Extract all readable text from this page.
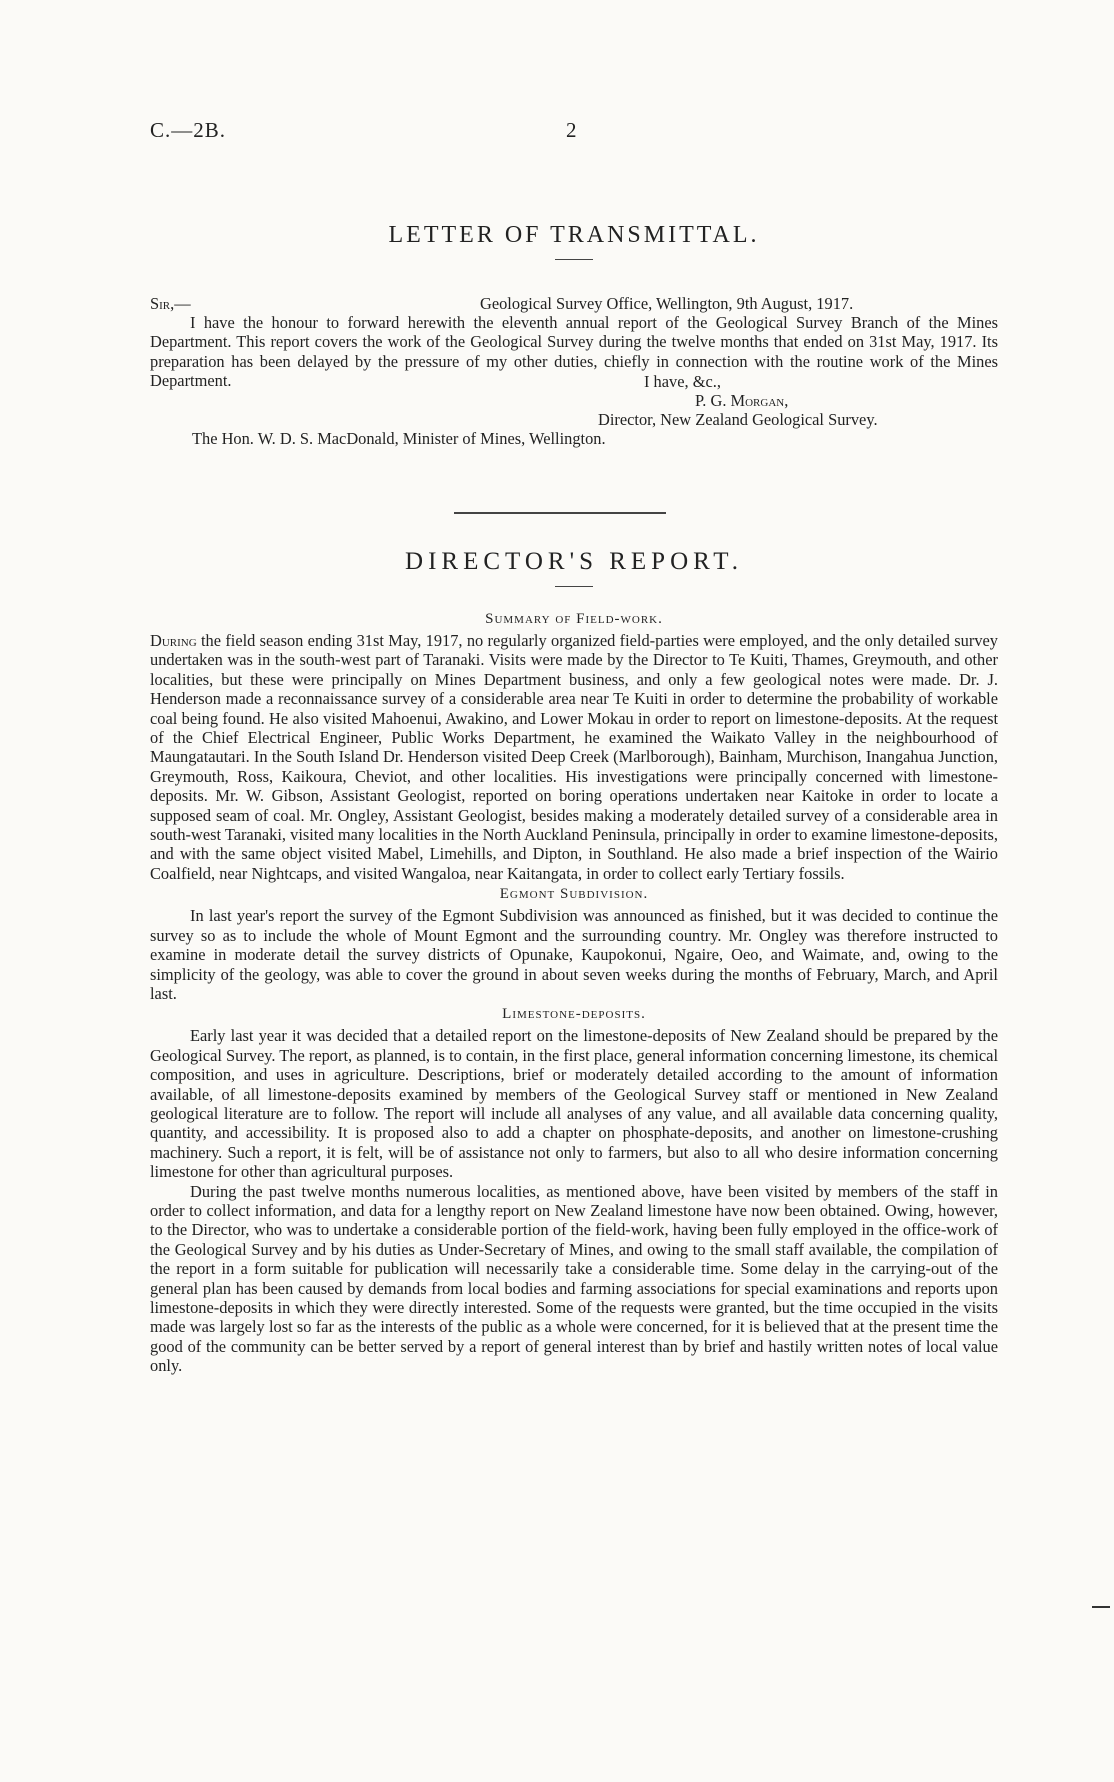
C.—2B.	2
LETTER OF TRANSMITTAL.
Sir,—	Geological Survey Office, Wellington, 9th August, 1917.

I have the honour to forward herewith the eleventh annual report of the Geological Survey Branch of the Mines Department. This report covers the work of the Geological Survey during the twelve months that ended on 31st May, 1917. Its preparation has been delayed by the pressure of my other duties, chiefly in connection with the routine work of the Mines Department.	I have, &c.,
P. G. Morgan,
Director, New Zealand Geological Survey.
The Hon. W. D. S. MacDonald, Minister of Mines, Wellington.
DIRECTOR'S REPORT.
Summary of Field-work.

During the field season ending 31st May, 1917, no regularly organized field-parties were employed, and the only detailed survey undertaken was in the south-west part of Taranaki. Visits were made by the Director to Te Kuiti, Thames, Greymouth, and other localities, but these were principally on Mines Department business, and only a few geological notes were made. Dr. J. Henderson made a reconnaissance survey of a considerable area near Te Kuiti in order to determine the probability of workable coal being found. He also visited Mahoenui, Awakino, and Lower Mokau in order to report on limestone-deposits. At the request of the Chief Electrical Engineer, Public Works Department, he examined the Waikato Valley in the neighbourhood of Maungatautari. In the South Island Dr. Henderson visited Deep Creek (Marlborough), Bainham, Murchison, Inangahua Junction, Greymouth, Ross, Kaikoura, Cheviot, and other localities. His investigations were principally concerned with limestone-deposits. Mr. W. Gibson, Assistant Geologist, reported on boring operations undertaken near Kaitoke in order to locate a supposed seam of coal. Mr. Ongley, Assistant Geologist, besides making a moderately detailed survey of a considerable area in south-west Taranaki, visited many localities in the North Auckland Peninsula, principally in order to examine limestone-deposits, and with the same object visited Mabel, Limehills, and Dipton, in Southland. He also made a brief inspection of the Wairio Coalfield, near Nightcaps, and visited Wangaloa, near Kaitangata, in order to collect early Tertiary fossils.

Egmont Subdivision.

In last year's report the survey of the Egmont Subdivision was announced as finished, but it was decided to continue the survey so as to include the whole of Mount Egmont and the surrounding country. Mr. Ongley was therefore instructed to examine in moderate detail the survey districts of Opunake, Kaupokonui, Ngaire, Oeo, and Waimate, and, owing to the simplicity of the geology, was able to cover the ground in about seven weeks during the months of February, March, and April last.

Limestone-deposits.

Early last year it was decided that a detailed report on the limestone-deposits of New Zealand should be prepared by the Geological Survey. The report, as planned, is to contain, in the first place, general information concerning limestone, its chemical composition, and uses in agriculture. Descriptions, brief or moderately detailed according to the amount of information available, of all limestone-deposits examined by members of the Geological Survey staff or mentioned in New Zealand geological literature are to follow. The report will include all analyses of any value, and all available data concerning quality, quantity, and accessibility. It is proposed also to add a chapter on phosphate-deposits, and another on limestone-crushing machinery. Such a report, it is felt, will be of assistance not only to farmers, but also to all who desire information concerning limestone for other than agricultural purposes.

During the past twelve months numerous localities, as mentioned above, have been visited by members of the staff in order to collect information, and data for a lengthy report on New Zealand limestone have now been obtained. Owing, however, to the Director, who was to undertake a considerable portion of the field-work, having been fully employed in the office-work of the Geological Survey and by his duties as Under-Secretary of Mines, and owing to the small staff available, the compilation of the report in a form suitable for publication will necessarily take a considerable time. Some delay in the carrying-out of the general plan has been caused by demands from local bodies and farming associations for special examinations and reports upon limestone-deposits in which they were directly interested. Some of the requests were granted, but the time occupied in the visits made was largely lost so far as the interests of the public as a whole were concerned, for it is believed that at the present time the good of the community can be better served by a report of general interest than by brief and hastily written notes of local value only.
